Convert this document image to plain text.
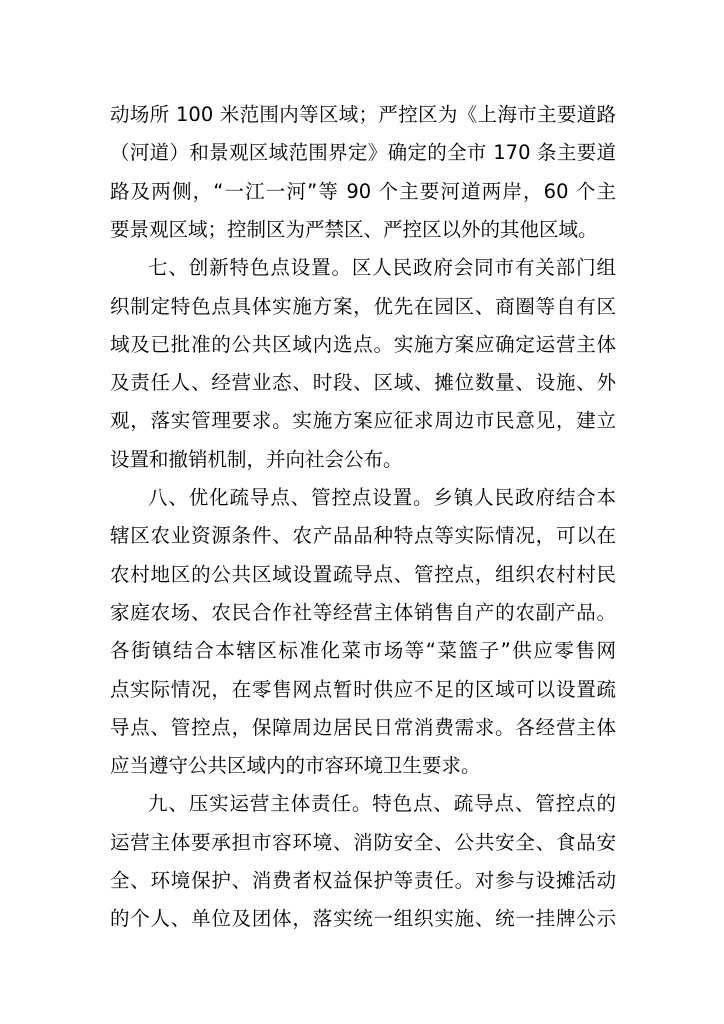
动场所 100 米范围内等区域；严控区为《上海市主要道路
（河道）和景观区域范围界定》确定的全市 170 条主要道
路及两侧，“一江一河”等 90 个主要河道两岸，60 个主
要景观区域；控制区为严禁区、严控区以外的其他区域。
七、创新特色点设置。区人民政府会同市有关部门组
织制定特色点具体实施方案，优先在园区、商圈等自有区
域及已批准的公共区域内选点。实施方案应确定运营主体
及责任人、经营业态、时段、区域、摊位数量、设施、外
观，落实管理要求。实施方案应征求周边市民意见，建立
设置和撤销机制，并向社会公布。
八、优化疏导点、管控点设置。乡镇人民政府结合本
辖区农业资源条件、农产品品种特点等实际情况，可以在
农村地区的公共区域设置疏导点、管控点，组织农村村民
家庭农场、农民合作社等经营主体销售自产的农副产品。
各街镇结合本辖区标准化菜市场等“菜篮子”供应零售网
点实际情况，在零售网点暂时供应不足的区域可以设置疏
导点、管控点，保障周边居民日常消费需求。各经营主体
应当遵守公共区域内的市容环境卫生要求。
九、压实运营主体责任。特色点、疏导点、管控点的
运营主体要承担市容环境、消防安全、公共安全、食品安
全、环境保护、消费者权益保护等责任。对参与设摊活动
的个人、单位及团体，落实统一组织实施、统一挂牌公示
